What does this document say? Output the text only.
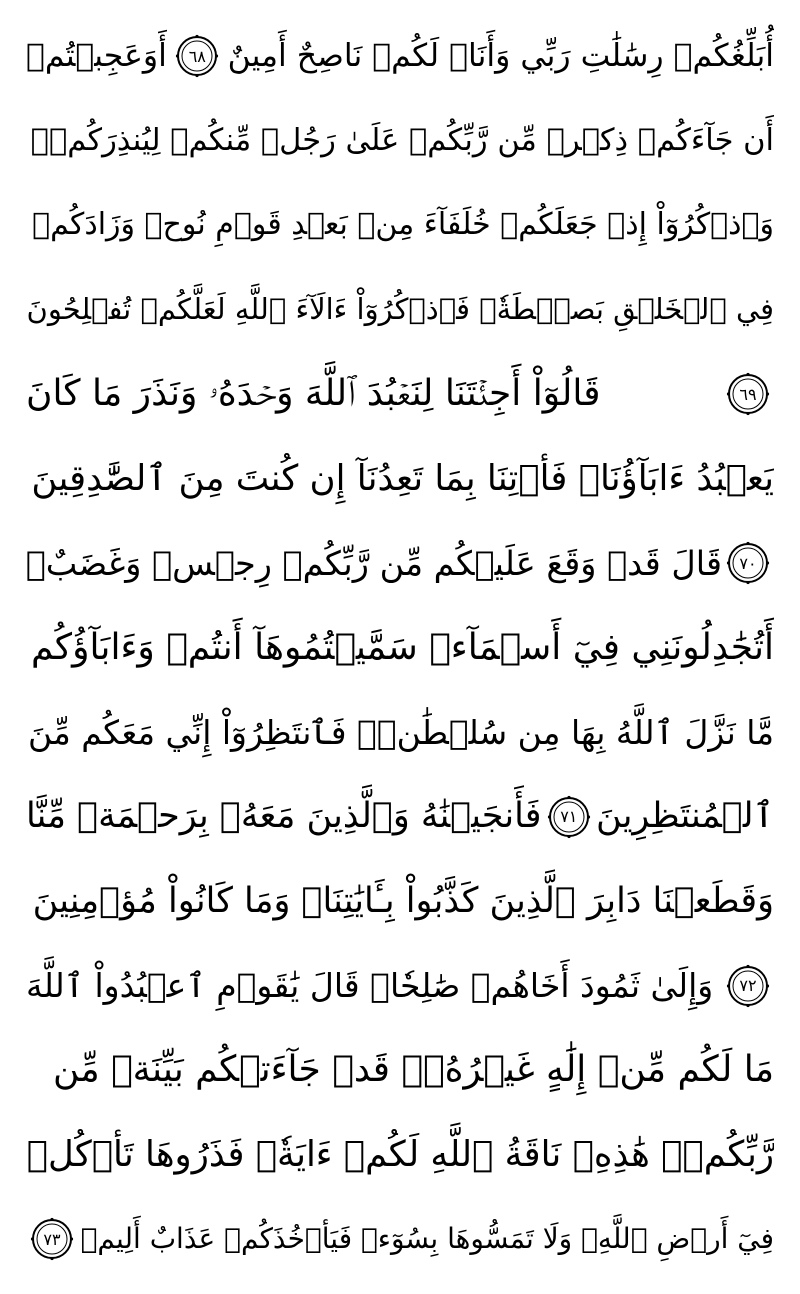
أُبَلِّغُكُمۡ رِسَٰلَٰتِ رَبِّي وَأَنَا۠ لَكُمۡ نَاصِحٌ أَمِينٌ
٦٨
أَوَعَجِبۡتُمۡ
أَن جَآءَكُمۡ ذِكۡرٞ مِّن رَّبِّكُمۡ عَلَىٰ رَجُلٖ مِّنكُمۡ لِيُنذِرَكُمۡۚ
وَٱذۡكُرُوٓاْ إِذۡ جَعَلَكُمۡ خُلَفَآءَ مِنۢ بَعۡدِ قَوۡمِ نُوحٖ وَزَادَكُمۡ
فِي ٱلۡخَلۡقِ بَصۜۡطَةٗۖ فَٱذۡكُرُوٓاْ ءَالَآءَ ٱللَّهِ لَعَلَّكُمۡ تُفۡلِحُونَ
٦٩
قَالُوٓاْ أَجِئۡتَنَا لِنَعۡبُدَ ٱللَّهَ وَحۡدَهُۥ وَنَذَرَ مَا كَانَ
يَعۡبُدُ ءَابَآؤُنَاۖ فَأۡتِنَا بِمَا تَعِدُنَآ إِن كُنتَ مِنَ ٱلصَّٰدِقِينَ
٧٠
قَالَ قَدۡ وَقَعَ عَلَيۡكُم مِّن رَّبِّكُمۡ رِجۡسٞ وَغَضَبٌۖ
أَتُجَٰدِلُونَنِي فِيٓ أَسۡمَآءٖ سَمَّيۡتُمُوهَآ أَنتُمۡ وَءَابَآؤُكُم
مَّا نَزَّلَ ٱللَّهُ بِهَا مِن سُلۡطَٰنٖۚ فَٱنتَظِرُوٓاْ إِنِّي مَعَكُم مِّنَ
ٱلۡمُنتَظِرِينَ
٧١
فَأَنجَيۡنَٰهُ وَٱلَّذِينَ مَعَهُۥ بِرَحۡمَةٖ مِّنَّا
وَقَطَعۡنَا دَابِرَ ٱلَّذِينَ كَذَّبُواْ بِـَٔايَٰتِنَاۖ وَمَا كَانُواْ مُؤۡمِنِينَ
٧٢
وَإِلَىٰ ثَمُودَ أَخَاهُمۡ صَٰلِحٗاۗ قَالَ يَٰقَوۡمِ ٱعۡبُدُواْ ٱللَّهَ
مَا لَكُم مِّنۡ إِلَٰهٍ غَيۡرُهُۥۖ قَدۡ جَآءَتۡكُم بَيِّنَةٞ مِّن
رَّبِّكُمۡۖ هَٰذِهِۦ نَاقَةُ ٱللَّهِ لَكُمۡ ءَايَةٗۖ فَذَرُوهَا تَأۡكُلۡ
فِيٓ أَرۡضِ ٱللَّهِۖ وَلَا تَمَسُّوهَا بِسُوٓءٖ فَيَأۡخُذَكُمۡ عَذَابٌ أَلِيمٞ
٧٣
